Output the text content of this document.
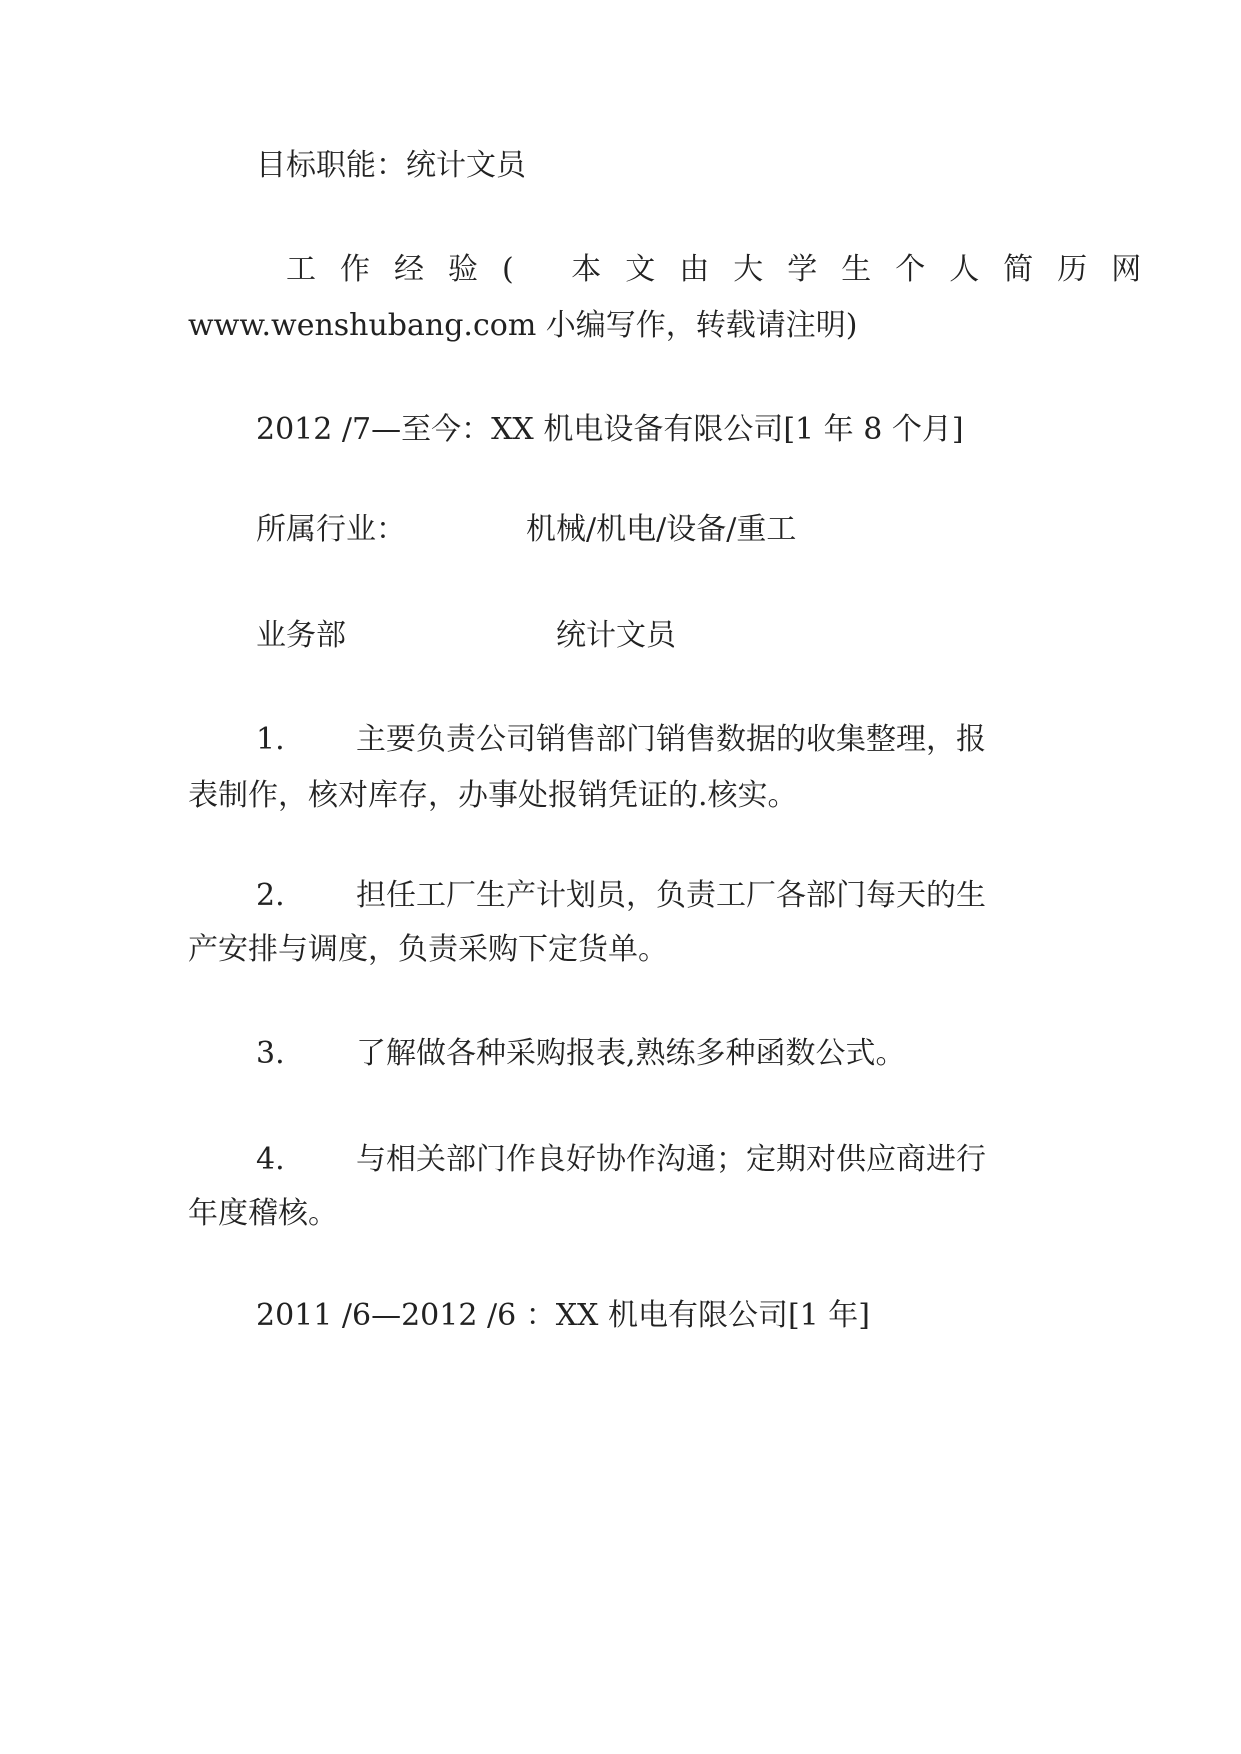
目标职能：统计文员
工作经验( 本文由大学生个人简历网
www.wenshubang.com 小编写作，转载请注明)
2012 /7—至今：XX 机电设备有限公司[1 年 8 个月]
所属行业：	机械/机电/设备/重工
业务部	统计文员
1. 主要负责公司销售部门销售数据的收集整理，报
表制作，核对库存，办事处报销凭证的.核实。
2. 担任工厂生产计划员，负责工厂各部门每天的生
产安排与调度，负责采购下定货单。
3. 了解做各种采购报表,熟练多种函数公式。
4. 与相关部门作良好协作沟通；定期对供应商进行
年度稽核。
2011 /6—2012 /6 ：XX 机电有限公司[1 年]
